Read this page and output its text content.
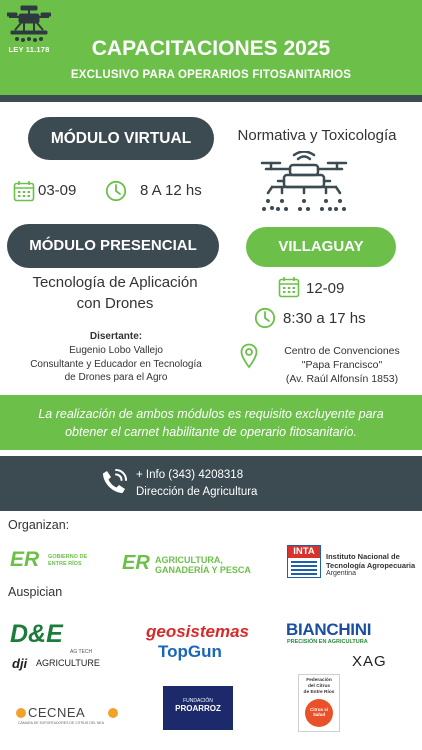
LEY 11.178	CAPACITACIONES 2025
EXCLUSIVO PARA OPERARIOS FITOSANITARIOS
MÓDULO VIRTUAL	Normativa y Toxicología
03-09	8 A 12 hs
MÓDULO PRESENCIAL	VILLAGUAY
Tecnología de Aplicación
con Drones
Disertante:
Eugenio Lobo Vallejo
Consultante y Educador en Tecnología
de Drones para el Agro
12-09
8:30 a 17 hs
Centro de Convenciones
"Papa Francisco"
(Av. Raúl Alfonsín 1853)
La realización de ambos módulos es requisito excluyente para
obtener el carnet habilitante de operario fitosanitario.
+ Info (343) 4208318
Dirección de Agricultura
Organizan:
ER GOBIERNO DE
ENTRE RÍOS ER AGRICULTURA,
GANADERÍA Y PESCA
INTA	Instituto Nacional de
Tecnología Agropecuaria
Argentina
Auspician
D&E
AG TECH
dji AGRICULTURE
geosistemas
TopGun
BIANCHINI
PRECISIÓN EN AGRICULTURA
XAG
CECNEA
CÁMARA DE EXPORTADORES DE CITRUS DEL NEA
FUNDACIÓN
PROARROZ
Federación
del Citrus
de Entre Ríos
Citrus sí Salud
